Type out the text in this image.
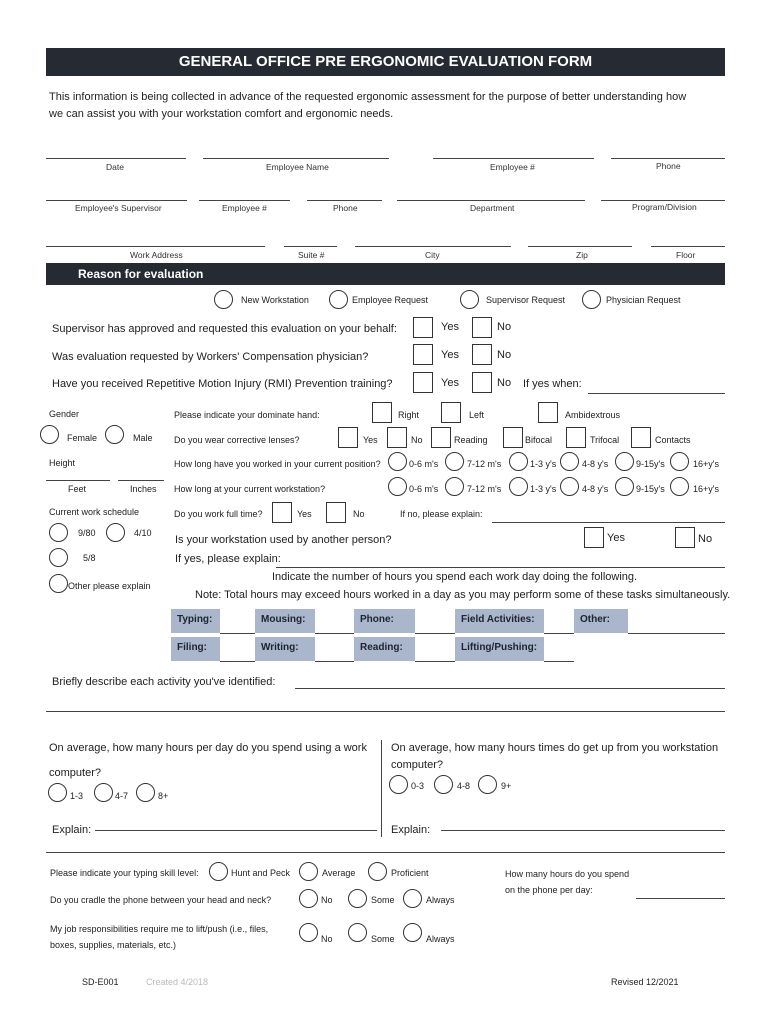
GENERAL OFFICE PRE ERGONOMIC EVALUATION FORM
This information is being collected in advance of the requested ergonomic assessment for the purpose of better understanding how
we can assist you with your workstation comfort and ergonomic needs.
Date	Employee Name	Employee #	Phone
Employee's Supervisor	Employee #	Phone	Department	Program/Division
Work Address	Suite #	City	Zip	Floor
Reason for evaluation
New Workstation	Employee Request	Supervisor Request	Physician Request
Supervisor has approved and requested this evaluation on your behalf:	Yes	No
Was evaluation requested by Workers' Compensation physician?	Yes	No
Have you received Repetitive Motion Injury (RMI) Prevention training?	Yes	No If yes when:
Gender
Female	Male
Height
Feet	Inches
Current work schedule
9/80	4/10
5/8
Other please explain
Please indicate your dominate hand:	Right	Left	Ambidextrous
Do you wear corrective lenses?	Yes	No	Reading	Bifocal	Trifocal	Contacts
How long have you worked in your current position?	0-6 m's	7-12 m's	1-3 y's	4-8 y's	9-15y's	16+y's
How long at your current workstation?	0-6 m's	7-12 m's	1-3 y's	4-8 y's	9-15y's	16+y's
Do you work full time?	Yes	No	If no, please explain:
Is your workstation used by another person?	Yes	No
If yes, please explain:
Indicate the number of hours you spend each work day doing the following.
Note: Total hours may exceed hours worked in a day as you may perform some of these tasks simultaneously.
Typing:	Mousing:	Phone:	Field Activities:	Other:
Filing:	Writing:	Reading:	Lifting/Pushing:
Briefly describe each activity you've identified:
On average, how many hours per day do you spend using a work
computer?
1-3	4-7	8+
Explain:
On average, how many hours times do get up from you workstation
computer?
0-3	4-8	9+
Explain:
Please indicate your typing skill level:	Hunt and Peck	Average	Proficient	How many hours do you spend
on the phone per day:
Do you cradle the phone between your head and neck?	No	Some	Always
My job responsibilities require me to lift/push (i.e., files,
boxes, supplies, materials, etc.)
No	Some	Always
SD-E001	Created 4/2018	Revised 12/2021
